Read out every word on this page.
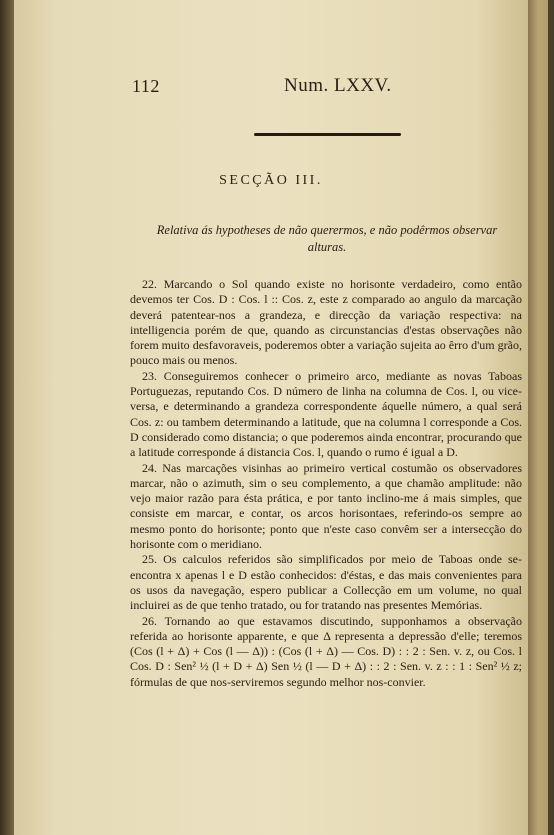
112	Num. LXXV.
SECÇÃO III.
Relativa ás hypotheses de não querermos, e não podêrmos observar alturas.

22. Marcando o Sol quando existe no horisonte verdadeiro, como então devemos ter Cos. D : Cos. l :: Cos. z, este z comparado ao angulo da marcação deverá patentear-nos a grandeza, e direcção da variação respectiva: na intelligencia porém de que, quando as circunstancias d'estas observações não forem muito desfavoraveis, poderemos obter a variação sujeita ao êrro d'um grão, pouco mais ou menos.

23. Conseguiremos conhecer o primeiro arco, mediante as novas Taboas Portuguezas, reputando Cos. D número de linha na columna de Cos. l, ou vice-versa, e determinando a grandeza correspondente áquelle número, a qual será Cos. z: ou tambem determinando a latitude, que na columna l corresponde a Cos. D considerado como distancia; o que poderemos ainda encontrar, procurando que a latitude corresponde á distancia Cos. l, quando o rumo é igual a D.

24. Nas marcações visinhas ao primeiro vertical costumão os observadores marcar, não o azimuth, sim o seu complemento, a que chamão amplitude: não vejo maior razão para ésta prática, e por tanto inclino-me á mais simples, que consiste em marcar, e contar, os arcos horisontaes, referindo-os sempre ao mesmo ponto do horisonte; ponto que n'este caso convêm ser a intersecção do horisonte com o meridiano.

25. Os calculos referidos são simplificados por meio de Taboas onde se-encontra x apenas l e D estão conhecidos: d'éstas, e das mais convenientes para os usos da navegação, espero publicar a Collecção em um volume, no qual incluirei as de que tenho tratado, ou for tratando nas presentes Memórias.

26. Tornando ao que estavamos discutindo, supponhamos a observação referida ao horisonte apparente, e que Δ representa a depressão d'elle; teremos (Cos (l + Δ) + Cos (l — Δ)) : (Cos (l + Δ) — Cos. D) : : 2 : Sen. v. z, ou Cos. l Cos. D : Sen² ½ (l + D + Δ) Sen ½ (l — D + Δ) : : 2 : Sen. v. z : : 1 : Sen² ½ z; fórmulas de que nos-serviremos segundo melhor nos-convier.
